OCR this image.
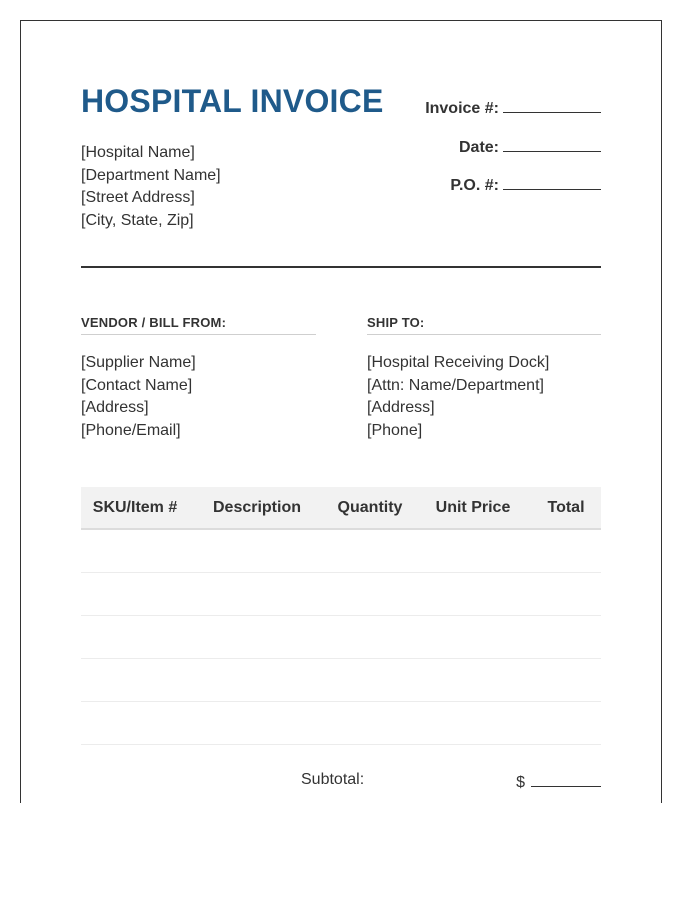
HOSPITAL INVOICE	Invoice #:
Date:
P.O. #:
[Hospital Name]
[Department Name]
[Street Address]
[City, State, Zip]
VENDOR / BILL FROM:
[Supplier Name]
[Contact Name]
[Address]
[Phone/Email]
SHIP TO:
[Hospital Receiving Dock]
[Attn: Name/Department]
[Address]
[Phone]
SKU/Item #	Description	Quantity	Unit Price	Total

Subtotal:	$
